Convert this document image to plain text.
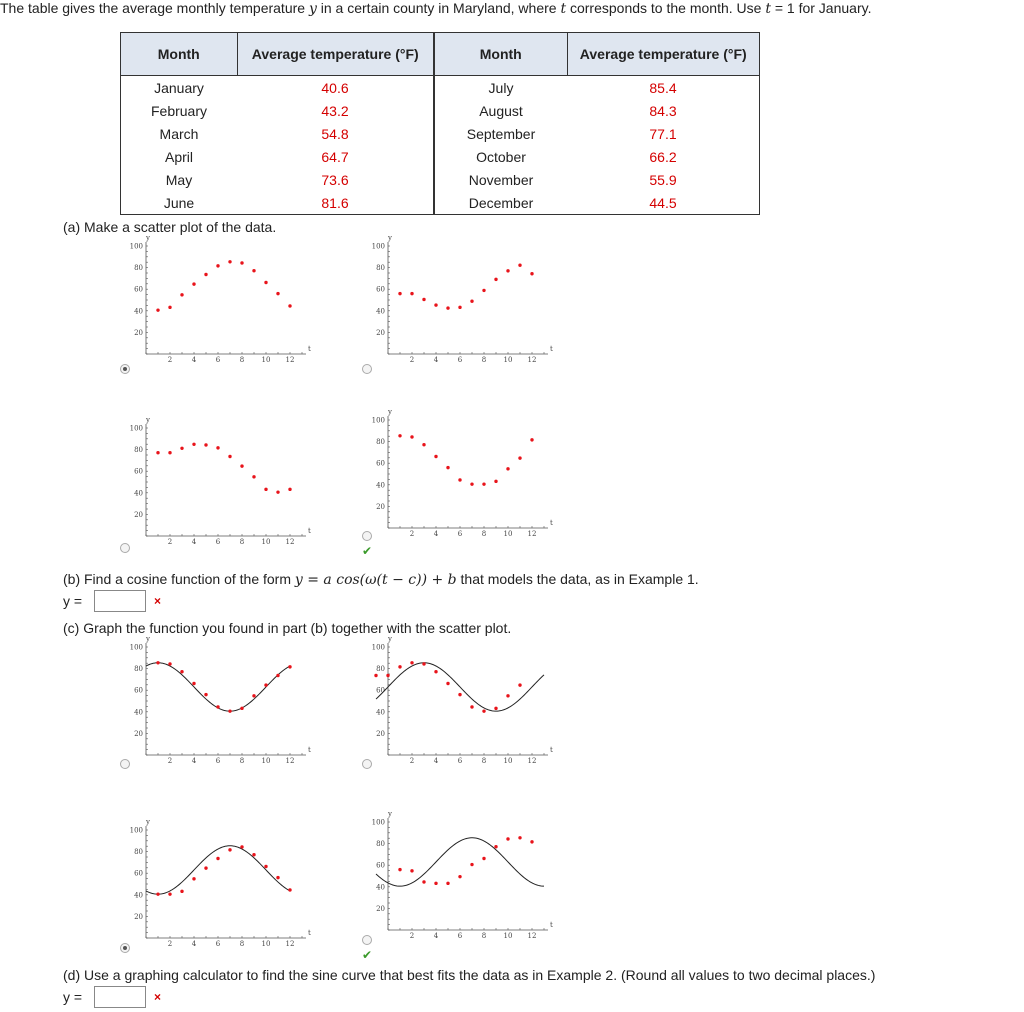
The table gives the average monthly temperature y in a certain county in Maryland, where t corresponds to the month. Use t = 1 for January.
Month	Average temperature (°F)	Month	Average temperature (°F)
January	40.6	July	85.4
February	43.2	August	84.3
March	54.8	September	77.1
April	64.7	October	66.2
May	73.6	November	55.9
June	81.6	December	44.5
(a) Make a scatter plot of the data.
✔
2	4	6	8 10 12
20
40
60
80
100
t
y
2	4	6	8 10 12
20
40
60
80
100
t
y
2	4	6	8 10 12
20
40
60
80
100
t
y
2	4	6	8 10 12
20
40
60
80
100
t
y
(b) Find a cosine function of the form y = a cos(ω(t − c)) + b that models the data, as in Example 1.
y =	×
(c) Graph the function you found in part (b) together with the scatter plot.
✔
2	4	6	8 10 12
20
40
60
80
100
t
y
2	4	6	8 10 12
20
40
60
80
100
t
y
2	4	6	8 10 12
20
40
60
80
100
t
y
2	4	6	8 10 12
20
40
60
80
100
t
y
(d) Use a graphing calculator to find the sine curve that best fits the data as in Example 2. (Round all values to two decimal places.)
y =	×
